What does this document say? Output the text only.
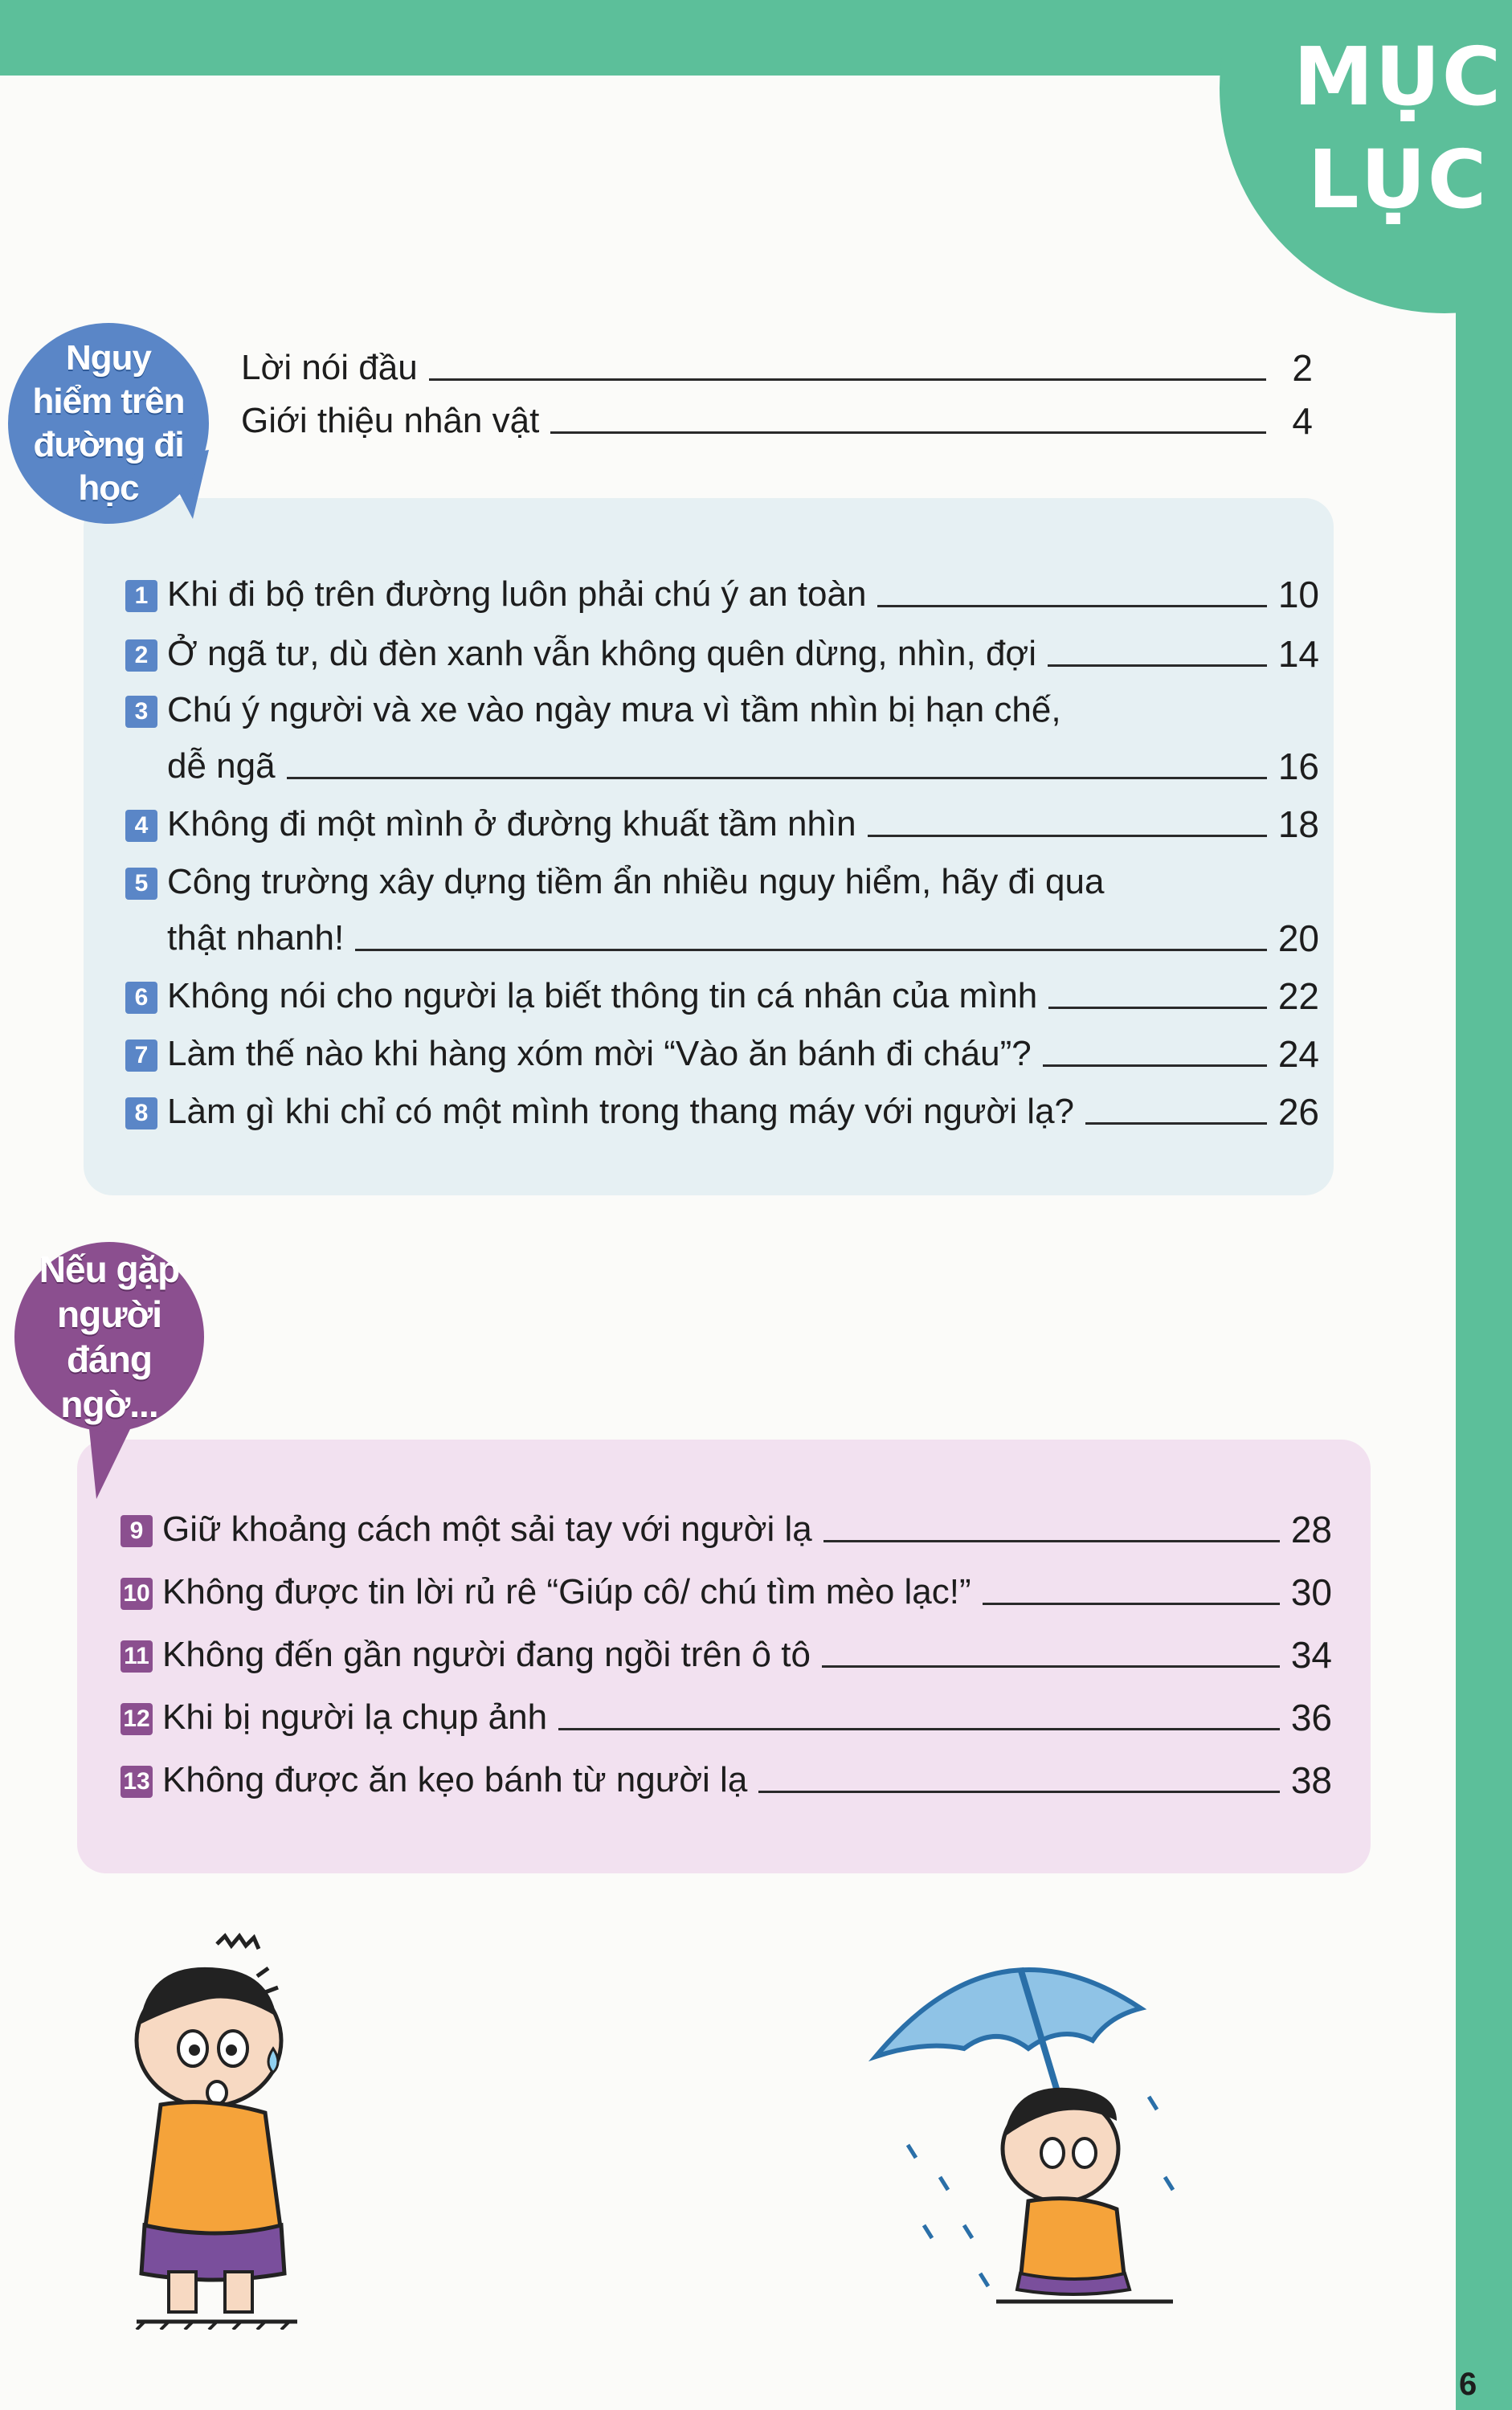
MỤC
LỤC
Nguy
hiểm trên
đường đi
học
Nếu gặp
người đáng
ngờ...
Lời nói đầu	2
Giới thiệu nhân vật	4
1 Khi đi bộ trên đường luôn phải chú ý an toàn	10
2 Ở ngã tư, dù đèn xanh vẫn không quên dừng, nhìn, đợi	14
3 Chú ý người và xe vào ngày mưa vì tầm nhìn bị hạn chế,
dễ ngã	16
4 Không đi một mình ở đường khuất tầm nhìn	18
5 Công trường xây dựng tiềm ẩn nhiều nguy hiểm, hãy đi qua
thật nhanh!	20
6 Không nói cho người lạ biết thông tin cá nhân của mình	22
7 Làm thế nào khi hàng xóm mời “Vào ăn bánh đi cháu”?	24
8 Làm gì khi chỉ có một mình trong thang máy với người lạ?	26
9 Giữ khoảng cách một sải tay với người lạ	28
10 Không được tin lời rủ rê “Giúp cô/ chú tìm mèo lạc!”	30
11 Không đến gần người đang ngồi trên ô tô	34
12 Khi bị người lạ chụp ảnh	36
13 Không được ăn kẹo bánh từ người lạ	38
6
